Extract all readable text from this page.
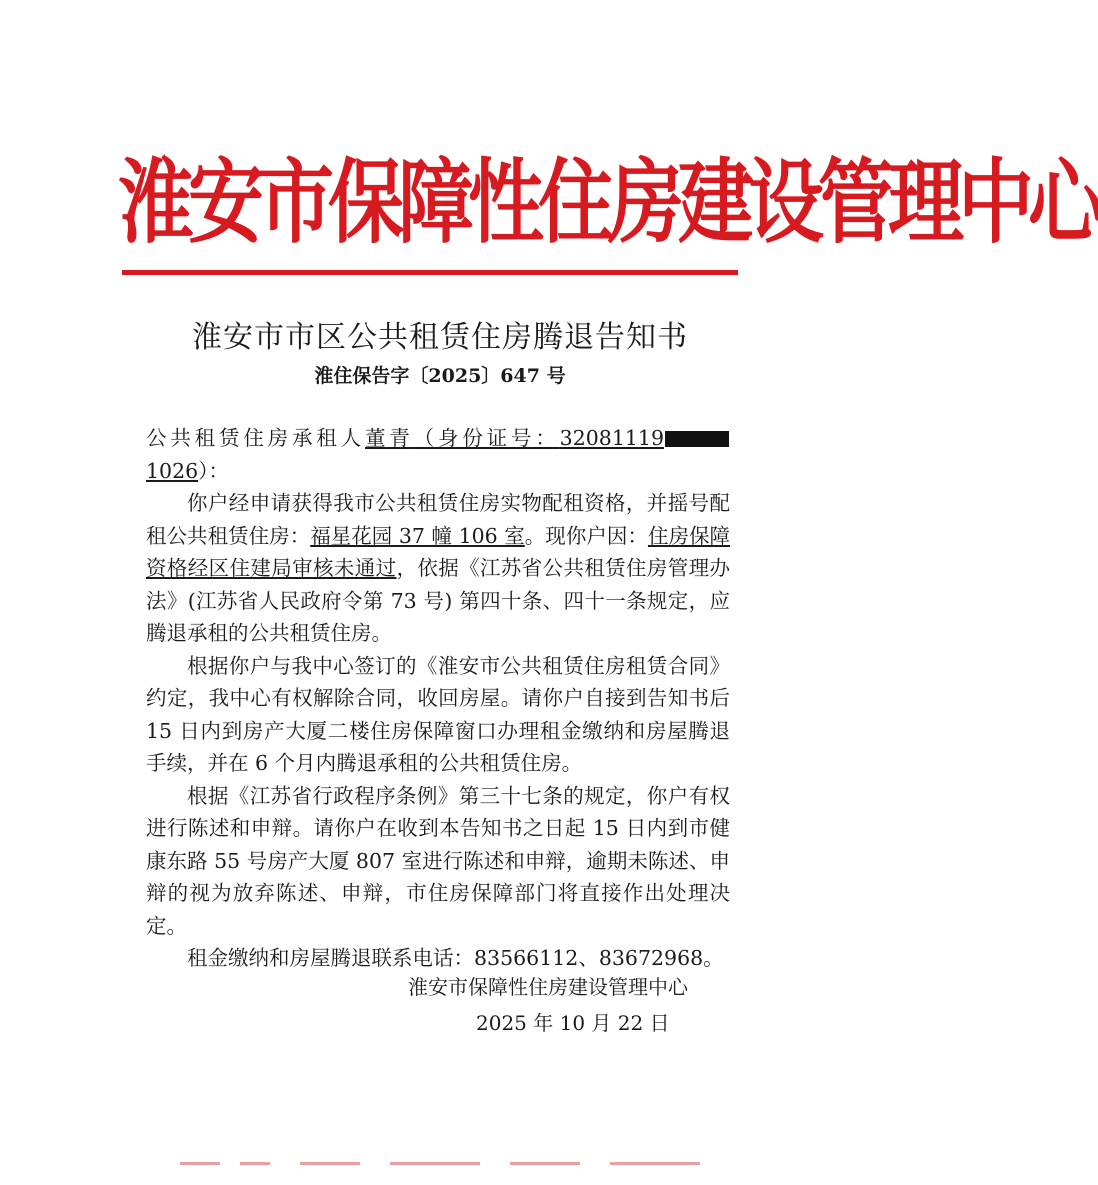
淮安市保障性住房建设管理中心
淮安市市区公共租赁住房腾退告知书
淮住保告字〔2025〕647 号

公共租赁住房承租人董青（身份证号：320811191026）：

你户经申请获得我市公共租赁住房实物配租资格，并摇号配租公共租赁住房：福星花园 37 幢 106 室。现你户因：住房保障资格经区住建局审核未通过，依据《江苏省公共租赁住房管理办法》(江苏省人民政府令第 73 号) 第四十条、四十一条规定，应腾退承租的公共租赁住房。

根据你户与我中心签订的《淮安市公共租赁住房租赁合同》约定，我中心有权解除合同，收回房屋。请你户自接到告知书后 15 日内到房产大厦二楼住房保障窗口办理租金缴纳和房屋腾退手续，并在 6 个月内腾退承租的公共租赁住房。

根据《江苏省行政程序条例》第三十七条的规定，你户有权进行陈述和申辩。请你户在收到本告知书之日起 15 日内到市健康东路 55 号房产大厦 807 室进行陈述和申辩，逾期未陈述、申辩的视为放弃陈述、申辩，市住房保障部门将直接作出处理决定。

租金缴纳和房屋腾退联系电话：83566112、83672968。

淮安市保障性住房建设管理中心
2025 年 10 月 22 日
